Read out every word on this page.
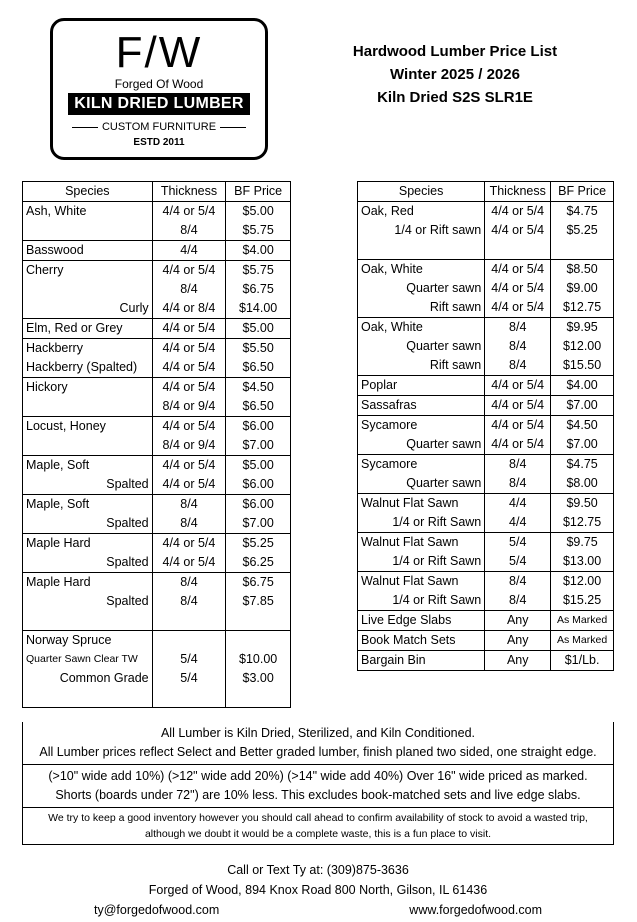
F/W
Forged Of Wood
KILN DRIED LUMBER
CUSTOM FURNITURE
ESTD 2011
Hardwood Lumber Price List
Winter 2025 / 2026
Kiln Dried S2S SLR1E
Species	Thickness	BF Price
Ash, White	4/4 or 5/4	$5.00
	8/4	$5.75
Basswood	4/4	$4.00
Cherry	4/4 or 5/4	$5.75
	8/4	$6.75
Curly	4/4 or 8/4	$14.00
Elm, Red or Grey	4/4 or 5/4	$5.00
Hackberry	4/4 or 5/4	$5.50
Hackberry (Spalted)	4/4 or 5/4	$6.50
Hickory	4/4 or 5/4	$4.50
	8/4 or 9/4	$6.50
Locust, Honey	4/4 or 5/4	$6.00
	8/4 or 9/4	$7.00
Maple, Soft	4/4 or 5/4	$5.00
Spalted	4/4 or 5/4	$6.00
Maple, Soft	8/4	$6.00
Spalted	8/4	$7.00
Maple Hard	4/4 or 5/4	$5.25
Spalted	4/4 or 5/4	$6.25
Maple Hard	8/4	$6.75
Spalted	8/4	$7.85

Norway Spruce		
Quarter Sawn Clear TW	5/4	$10.00
Common Grade	5/4	$3.00

Species	Thickness	BF Price
Oak, Red	4/4 or 5/4	$4.75
1/4 or Rift sawn	4/4 or 5/4	$5.25

Oak, White	4/4 or 5/4	$8.50
Quarter sawn	4/4 or 5/4	$9.00
Rift sawn	4/4 or 5/4	$12.75
Oak, White	8/4	$9.95
Quarter sawn	8/4	$12.00
Rift sawn	8/4	$15.50
Poplar	4/4 or 5/4	$4.00
Sassafras	4/4 or 5/4	$7.00
Sycamore	4/4 or 5/4	$4.50
Quarter sawn	4/4 or 5/4	$7.00
Sycamore	8/4	$4.75
Quarter sawn	8/4	$8.00
Walnut Flat Sawn	4/4	$9.50
1/4 or Rift Sawn	4/4	$12.75
Walnut Flat Sawn	5/4	$9.75
1/4 or Rift Sawn	5/4	$13.00
Walnut Flat Sawn	8/4	$12.00
1/4 or Rift Sawn	8/4	$15.25
Live Edge Slabs	Any	As Marked
Book Match Sets	Any	As Marked
Bargain Bin	Any	$1/Lb.
All Lumber is Kiln Dried, Sterilized, and Kiln Conditioned.
All Lumber prices reflect Select and Better graded lumber, finish planed two sided, one straight edge.
(>10" wide add 10%) (>12" wide add 20%) (>14" wide add 40%) Over 16" wide priced as marked.
Shorts (boards under 72") are 10% less. This excludes book-matched sets and live edge slabs.
We try to keep a good inventory however you should call ahead to confirm availability of stock to avoid a wasted trip, although we doubt it would be a complete waste, this is a fun place to visit.
Call or Text Ty at: (309)875-3636
Forged of Wood, 894 Knox Road 800 North, Gilson, IL 61436
ty@forgedofwood.com	www.forgedofwood.com
